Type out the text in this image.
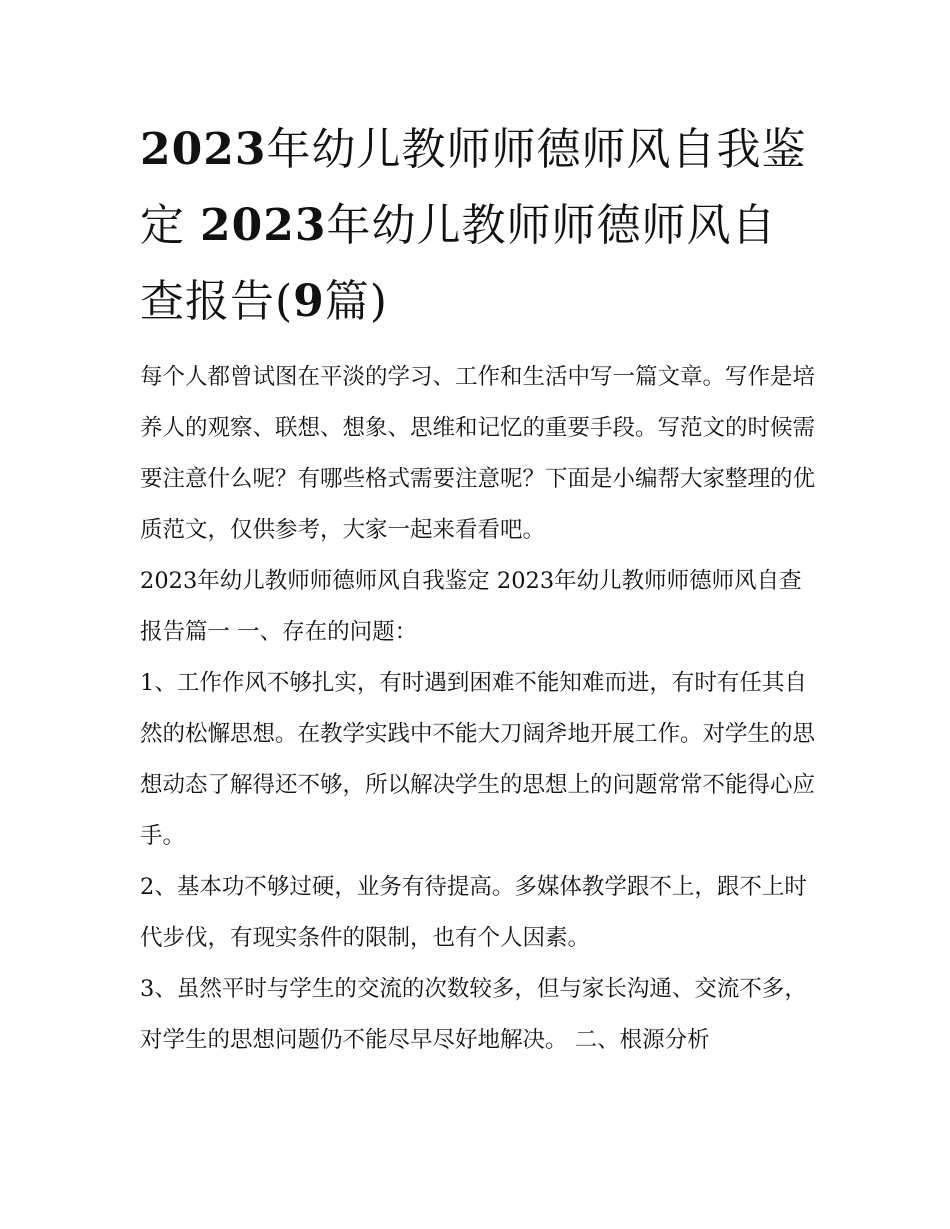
2023年幼儿教师师德师风自我鉴定 2023年幼儿教师师德师风自查报告(9篇)

每个人都曾试图在平淡的学习、工作和生活中写一篇文章。写作是培养人的观察、联想、想象、思维和记忆的重要手段。写范文的时候需要注意什么呢？有哪些格式需要注意呢？下面是小编帮大家整理的优质范文，仅供参考，大家一起来看看吧。

2023年幼儿教师师德师风自我鉴定 2023年幼儿教师师德师风自查报告篇一 一、存在的问题：

1、工作作风不够扎实，有时遇到困难不能知难而进，有时有任其自然的松懈思想。在教学实践中不能大刀阔斧地开展工作。对学生的思想动态了解得还不够，所以解决学生的思想上的问题常常不能得心应手。

2、基本功不够过硬，业务有待提高。多媒体教学跟不上，跟不上时代步伐，有现实条件的限制，也有个人因素。

3、虽然平时与学生的交流的次数较多，但与家长沟通、交流不多，对学生的思想问题仍不能尽早尽好地解决。 二、根源分析
